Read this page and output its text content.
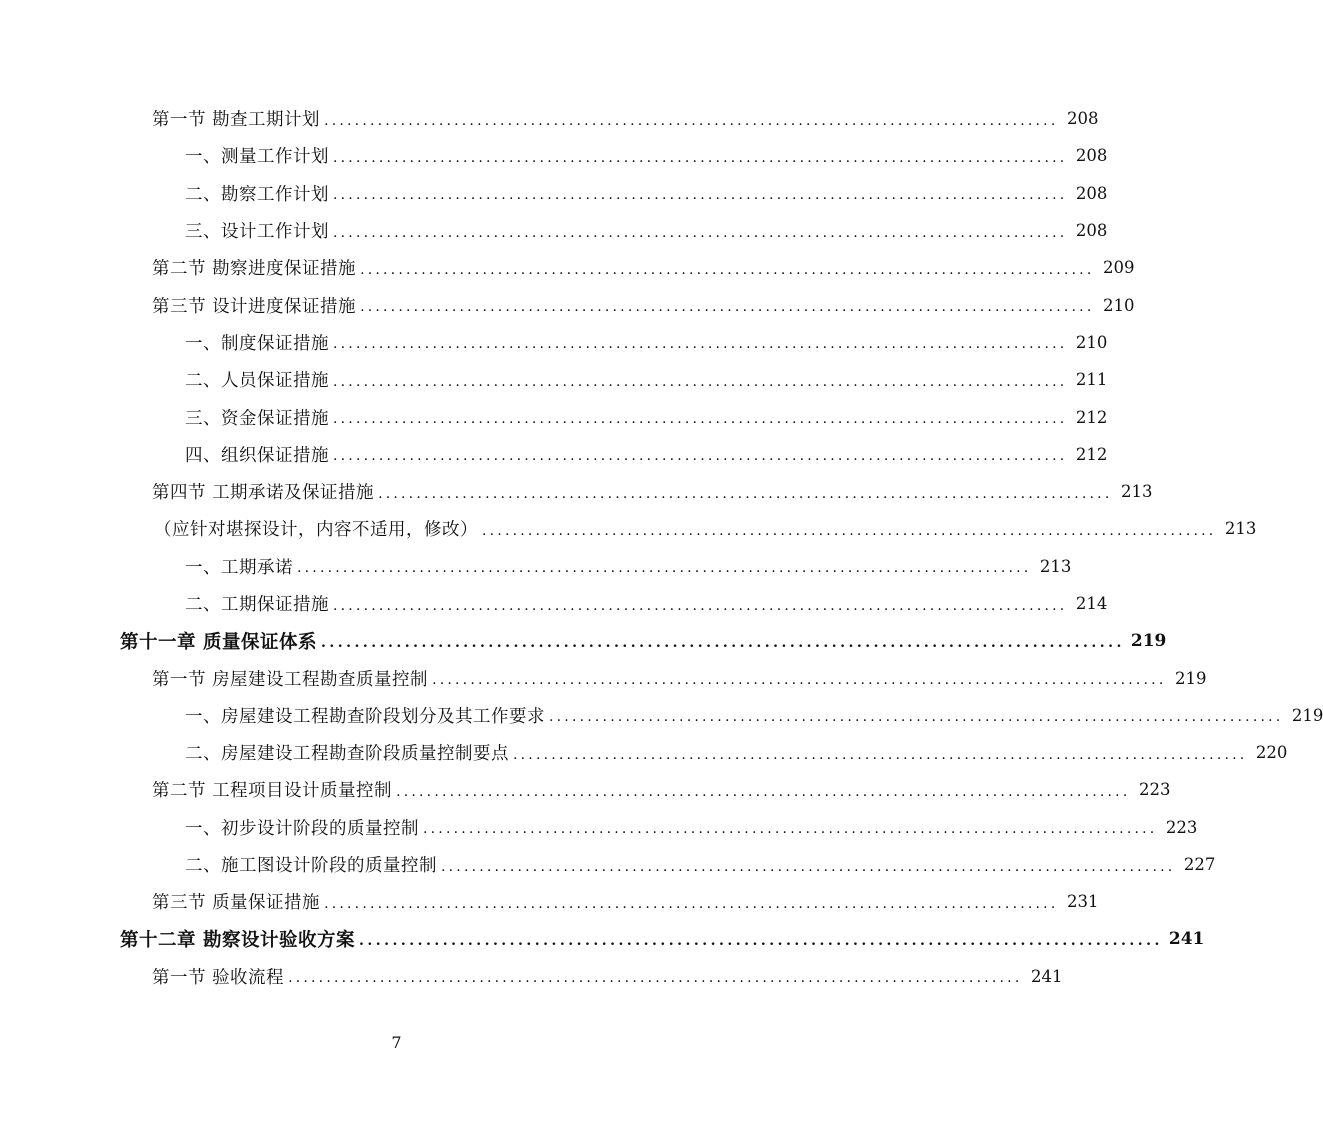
第一节 勘查工期计划 ................................................................................................ 208
一、测量工作计划 ................................................................................................ 208
二、勘察工作计划 ................................................................................................ 208
三、设计工作计划 ................................................................................................ 208
第二节 勘察进度保证措施 ................................................................................................ 209
第三节 设计进度保证措施 ................................................................................................ 210
一、制度保证措施 ................................................................................................ 210
二、人员保证措施 ................................................................................................ 211
三、资金保证措施 ................................................................................................ 212
四、组织保证措施 ................................................................................................ 212
第四节 工期承诺及保证措施 ................................................................................................ 213
（应针对堪探设计，内容不适用，修改） ................................................................................................ 213
一、工期承诺 ................................................................................................ 213
二、工期保证措施 ................................................................................................ 214
第十一章 质量保证体系 ................................................................................................ 219
第一节 房屋建设工程勘查质量控制 ................................................................................................ 219
一、房屋建设工程勘查阶段划分及其工作要求 ................................................................................................ 219
二、房屋建设工程勘查阶段质量控制要点 ................................................................................................ 220
第二节 工程项目设计质量控制 ................................................................................................ 223
一、初步设计阶段的质量控制 ................................................................................................ 223
二、施工图设计阶段的质量控制 ................................................................................................ 227
第三节 质量保证措施 ................................................................................................ 231
第十二章 勘察设计验收方案 ................................................................................................ 241
第一节 验收流程 ................................................................................................ 241
7
